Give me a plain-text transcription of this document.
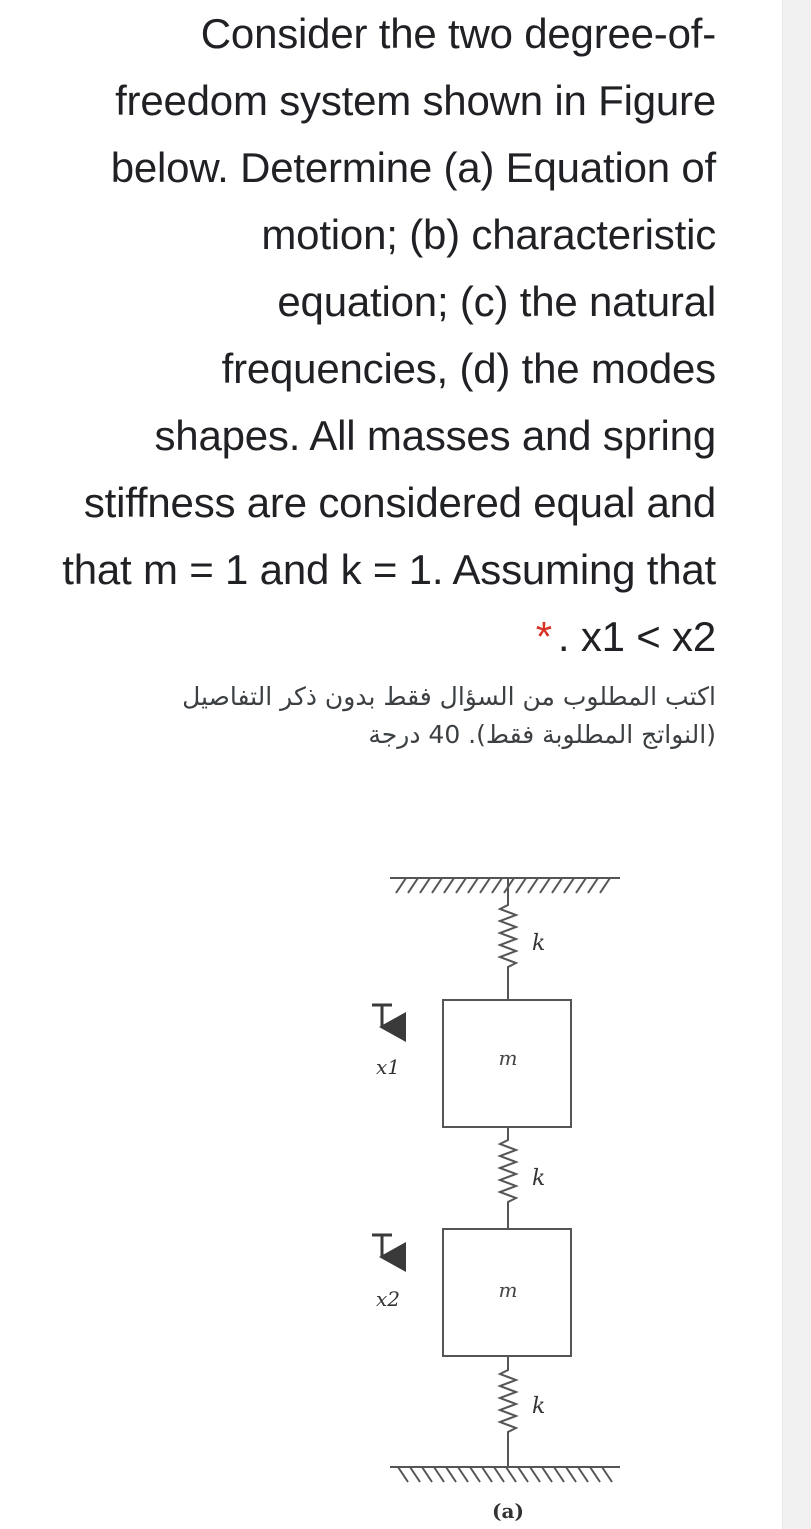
Consider the two degree-of-
freedom system shown in Figure
below. Determine (a) Equation of
motion; (b) characteristic
equation; (c) the natural
frequencies, (d) the modes
shapes. All masses and spring
stiffness are considered equal and
that m = 1 and k = 1. Assuming that
* . x1 < x2
اكتب المطلوب من السؤال فقط بدون ذكر التفاصيل
(النواتج المطلوبة فقط). 40 درجة
k
m
x1
k
m
x2
k
(a)
